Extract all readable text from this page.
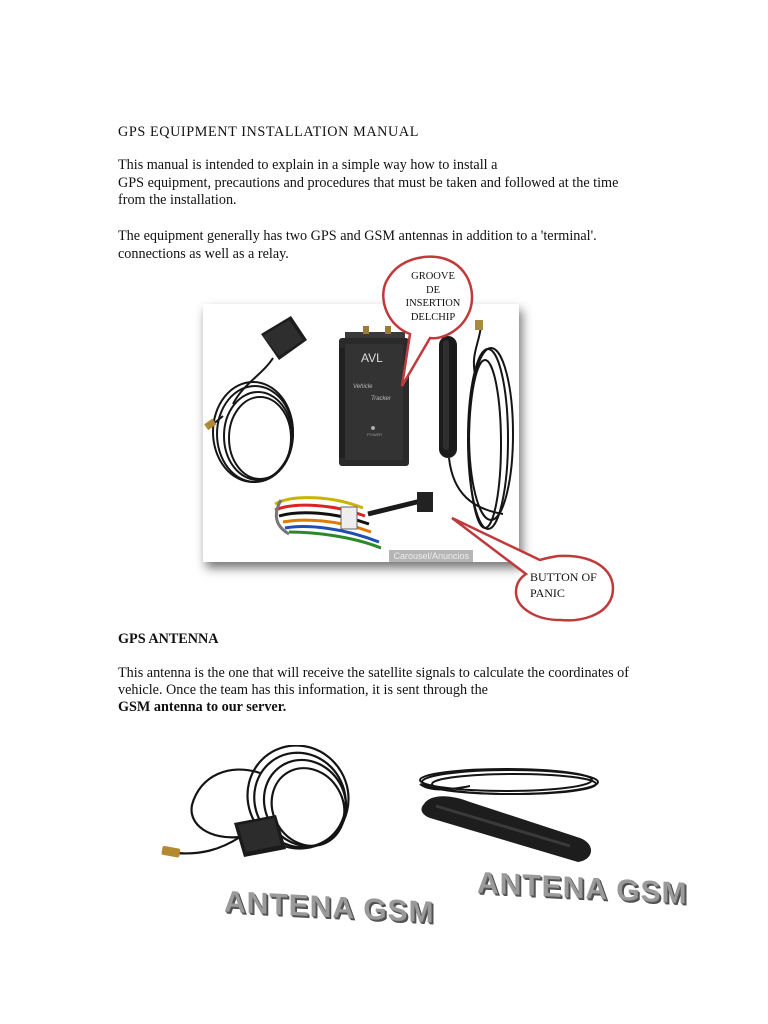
GPS EQUIPMENT INSTALLATION MANUAL
This manual is intended to explain in a simple way how to install a
GPS equipment, precautions and procedures that must be taken and followed at the time
from the installation.
The equipment generally has two GPS and GSM antennas in addition to a 'terminal'.
connections as well as a relay.
AVL
Vehicle
Tracker
POWER
Carousel/Anuncios
GROOVE
DE
INSERTION
DELCHIP
BUTTON OF
PANIC
GPS ANTENNA
This antenna is the one that will receive the satellite signals to calculate the coordinates of
vehicle. Once the team has this information, it is sent through the
GSM antenna to our server.
ANTENA GSM ANTENA GSM
